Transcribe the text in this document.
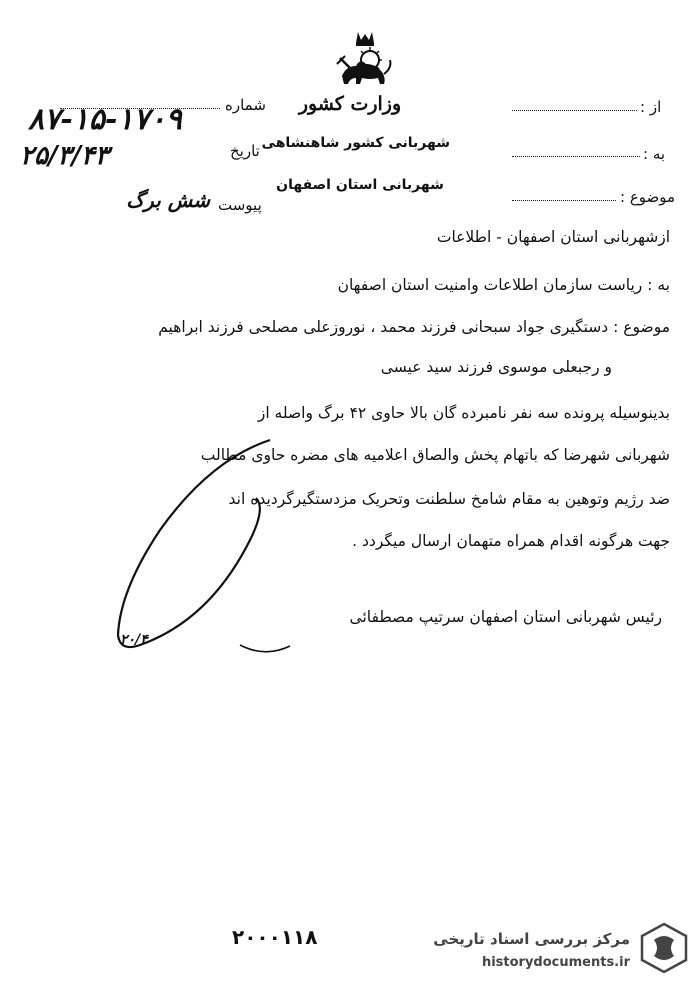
وزارت کشور
شهربانی کشور شاهنشاهی
شهربانی استان اصفهان
شماره
۸۷-۱۵-۱۷۰۹
تاریخ
۲۵/۳/۴۳
پیوست
شش برگ
از :
به :
موضوع :
ازشهربانی استان اصفهان - اطلاعات
به : ریاست سازمان اطلاعات وامنیت استان اصفهان
موضوع : دستگیری جواد سبحانی فرزند محمد ، نوروزعلی مصلحی فرزند ابراهیم
و رجبعلی موسوی فرزند سید عیسی
بدینوسیله پرونده سه نفر نامبرده گان بالا حاوی ۴۲ برگ واصله از
شهربانی شهرضا که باتهام پخش والصاق اعلامیه های مضره حاوی مطالب
ضد رژیم وتوهین به مقام شامخ سلطنت وتحریک مزدستگیرگردیده اند
جهت هرگونه اقدام همراه متهمان ارسال میگردد .
رئیس شهربانی استان اصفهان سرتیپ مصطفائی
۲۰/۴
۲۰۰۰۱۱۸	مرکز بررسی اسناد تاریخی
historydocuments.ir
